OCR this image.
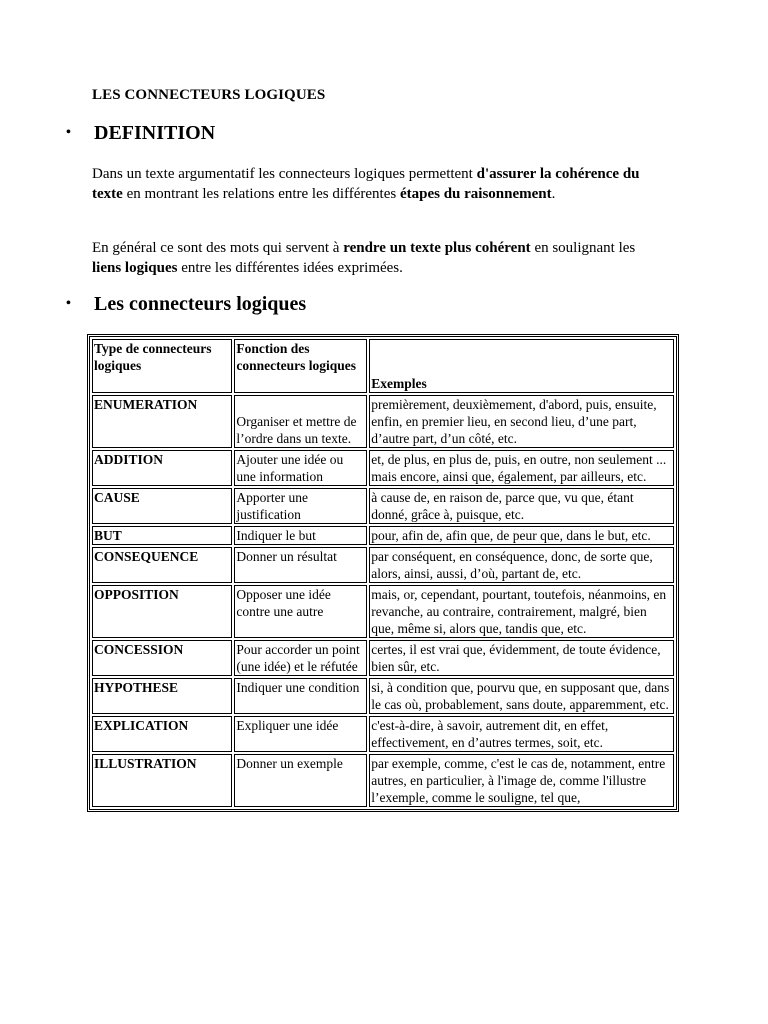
LES CONNECTEURS LOGIQUES
• DEFINITION

Dans un texte argumentatif les connecteurs logiques permettent d'assurer la cohérence du texte en montrant les relations entre les différentes étapes du raisonnement.

En général ce sont des mots qui servent à rendre un texte plus cohérent en soulignant les liens logiques entre les différentes idées exprimées.

• Les connecteurs logiques
Type de connecteurs logiques	Fonction des connecteurs logiques	Exemples
ENUMERATION	Organiser et mettre de l’ordre dans un texte.	premièrement, deuxièmement, d'abord, puis, ensuite, enfin, en premier lieu, en second lieu, d’une part, d’autre part, d’un côté, etc.
ADDITION	Ajouter une idée ou une information	et, de plus, en plus de, puis, en outre, non seulement ... mais encore, ainsi que, également, par ailleurs, etc.
CAUSE	Apporter une justification	à cause de, en raison de, parce que, vu que, étant donné, grâce à, puisque, etc.
BUT	Indiquer le but	pour, afin de, afin que, de peur que, dans le but, etc.
CONSEQUENCE	Donner un résultat	par conséquent, en conséquence, donc, de sorte que, alors, ainsi, aussi, d’où, partant de, etc.
OPPOSITION	Opposer une idée contre une autre	mais, or, cependant, pourtant, toutefois, néanmoins, en revanche, au contraire, contrairement, malgré, bien que, même si, alors que, tandis que, etc.
CONCESSION	Pour accorder un point (une idée) et le réfutée	certes, il est vrai que, évidemment, de toute évidence, bien sûr, etc.
HYPOTHESE	Indiquer une condition	si, à condition que, pourvu que, en supposant que, dans le cas où, probablement, sans doute, apparemment, etc.
EXPLICATION	Expliquer une idée	c'est-à-dire, à savoir, autrement dit, en effet, effectivement, en d’autres termes, soit, etc.
ILLUSTRATION	Donner un exemple	par exemple, comme, c'est le cas de, notamment, entre autres, en particulier, à l'image de, comme l'illustre l’exemple, comme le souligne, tel que,
